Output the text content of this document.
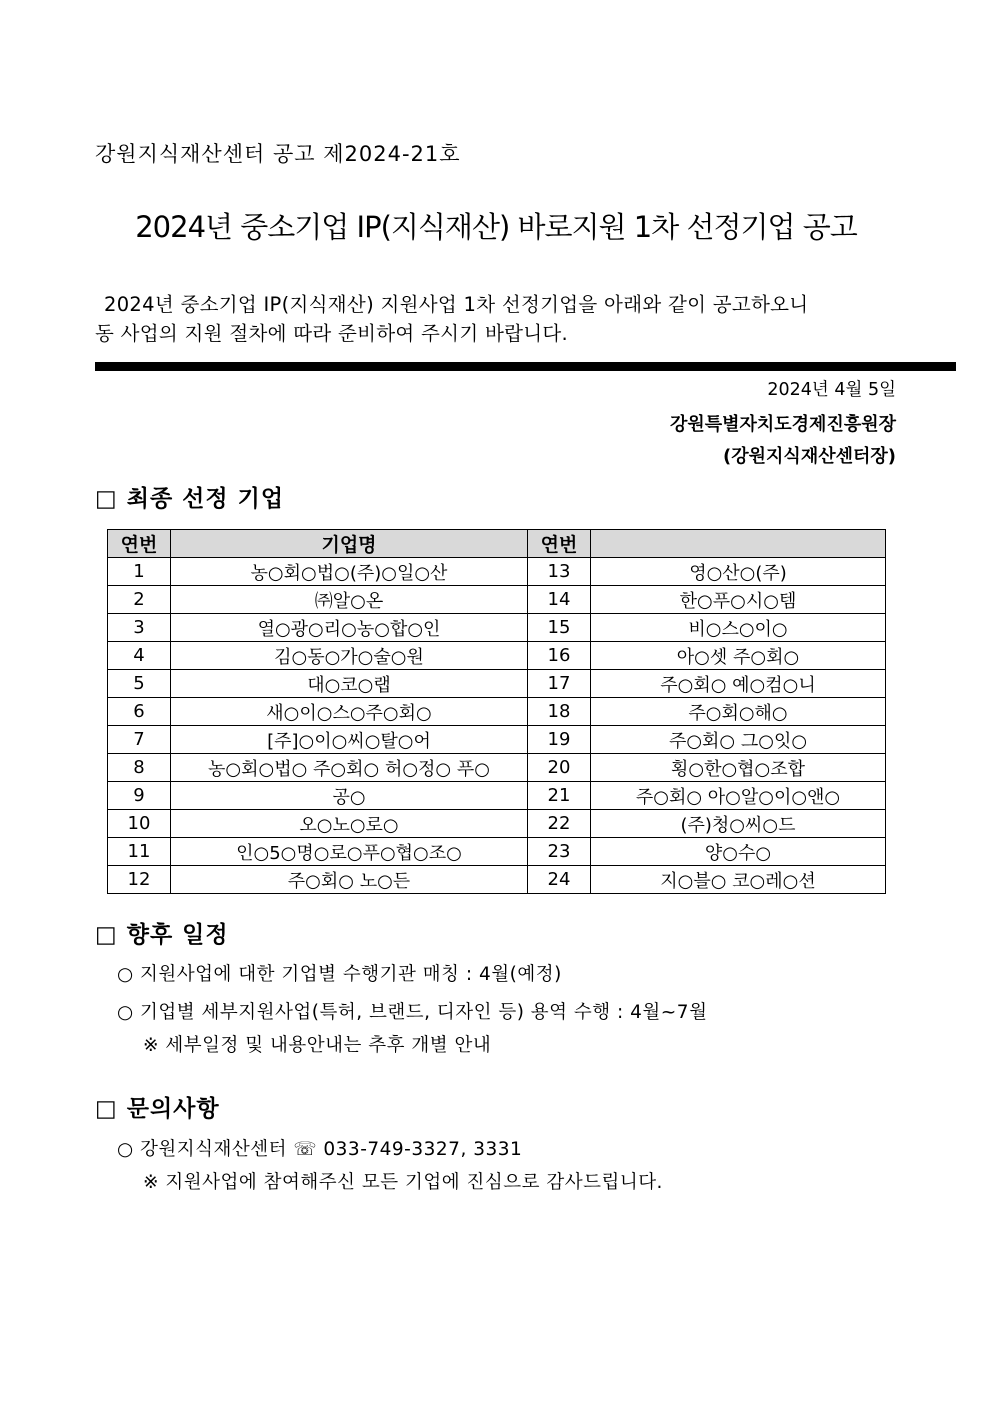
강원지식재산센터 공고 제2024-21호
2024년 중소기업 IP(지식재산) 바로지원 1차 선정기업 공고
2024년 중소기업 IP(지식재산) 지원사업 1차 선정기업을 아래와 같이 공고하오니
동 사업의 지원 절차에 따라 준비하여 주시기 바랍니다.
2024년 4월 5일
강원특별자치도경제진흥원장
(강원지식재산센터장)
□ 최종 선정 기업
연번	기업명	연번	
1	농○회○법○(주)○일○산	13	영○산○(주)
2	㈜알○온	14	한○푸○시○템
3	열○광○리○농○합○인	15	비○스○이○
4	김○동○가○술○원	16	아○셋 주○회○
5	대○코○랩	17	주○회○ 예○컴○니
6	새○이○스○주○회○	18	주○회○해○
7	[주]○이○씨○탈○어	19	주○회○ 그○잇○
8	농○회○법○ 주○회○ 허○정○ 푸○	20	횡○한○협○조합
9	공○	21	주○회○ 아○알○이○앤○
10	오○노○로○	22	(주)청○씨○드
11	인○5○명○로○푸○협○조○	23	양○수○
12	주○회○ 노○든	24	지○블○ 코○레○션
□ 향후 일정
○ 지원사업에 대한 기업별 수행기관 매칭 : 4월(예정)
○ 기업별 세부지원사업(특허, 브랜드, 디자인 등) 용역 수행 : 4월~7월
※ 세부일정 및 내용안내는 추후 개별 안내
□ 문의사항
○ 강원지식재산센터 ☏ 033-749-3327, 3331
※ 지원사업에 참여해주신 모든 기업에 진심으로 감사드립니다.
